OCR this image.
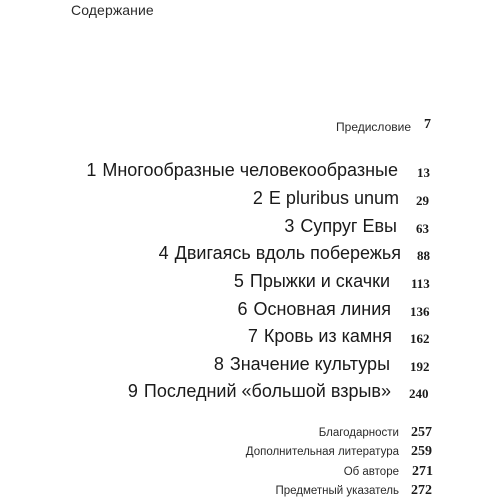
Содержание
Предисловие 7
1 Многообразные человекообразные 13
2 E pluribus unum 29
3 Супруг Евы 63
4 Двигаясь вдоль побережья 88
5 Прыжки и скачки 113
6 Основная линия 136
7 Кровь из камня 162
8 Значение культуры 192
9 Последний «большой взрыв» 240
Благодарности 257
Дополнительная литература 259
Об авторе 271
Предметный указатель 272
